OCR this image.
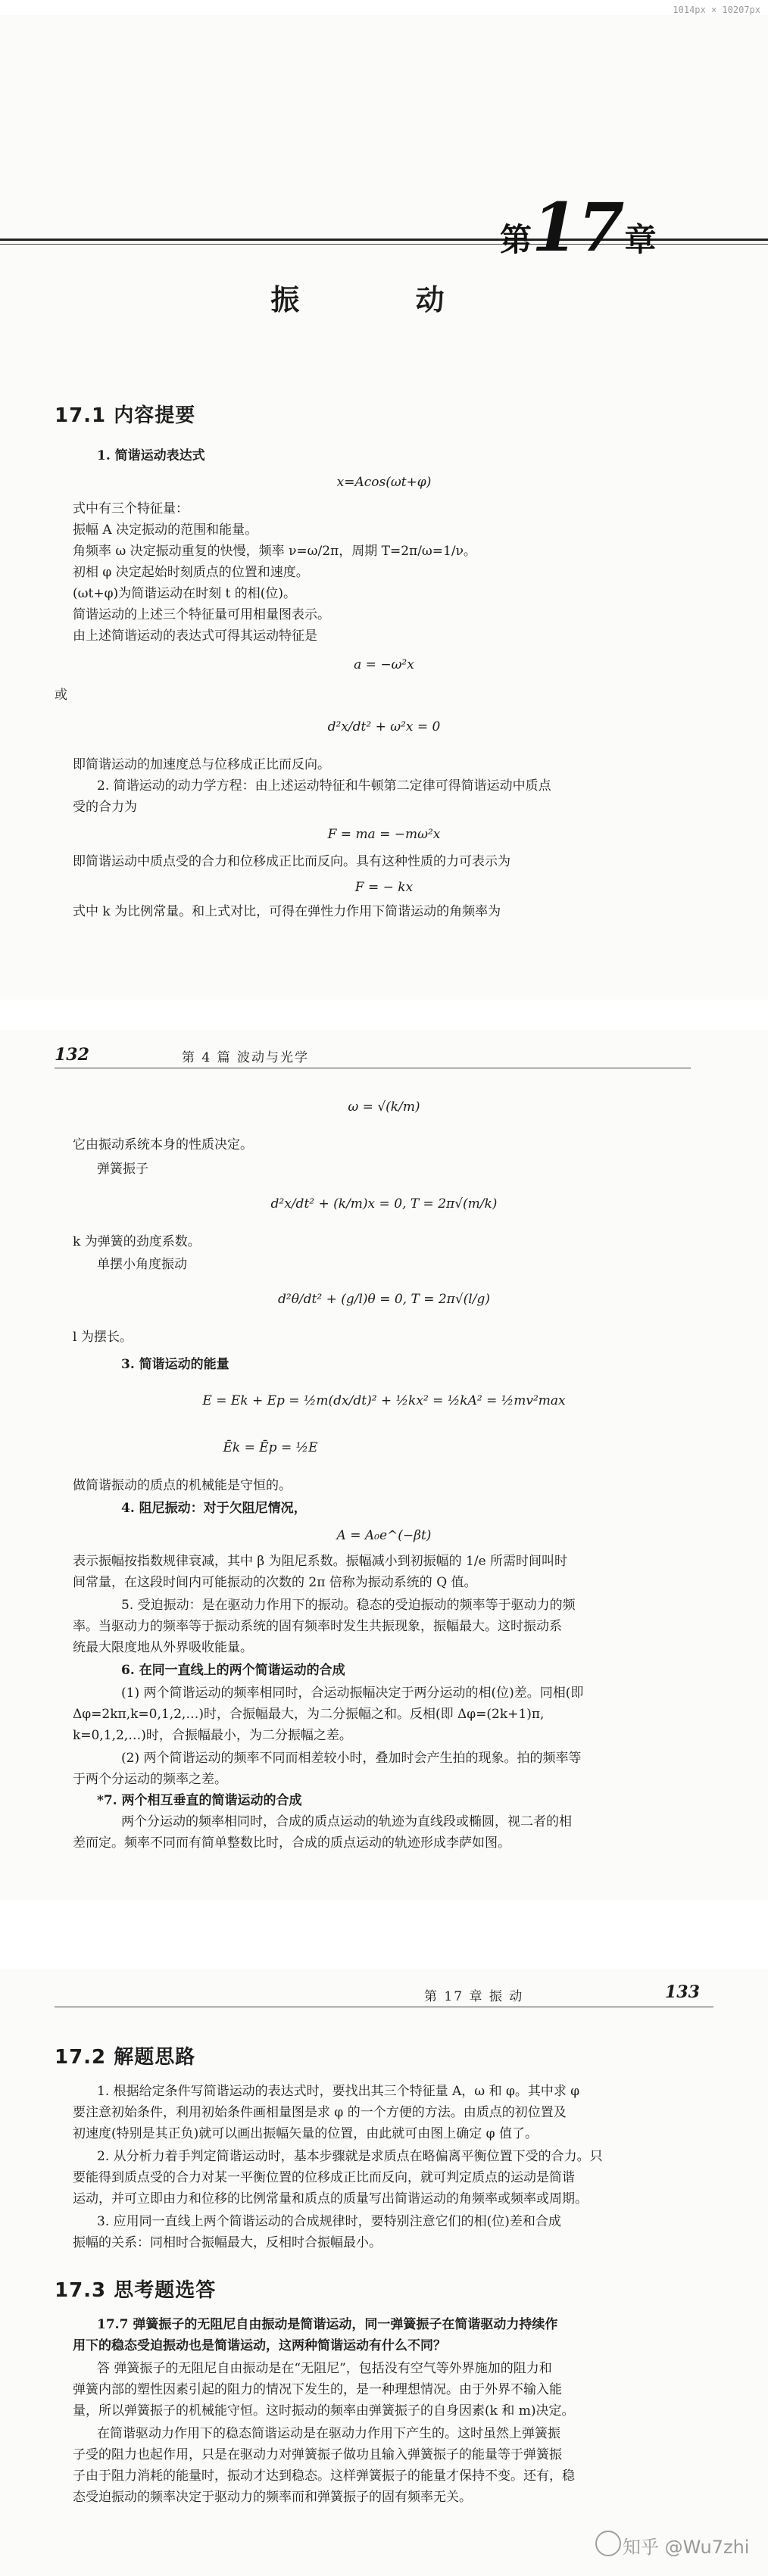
1014px × 10207px
第17章
振 动
17.1 内容提要
1. 简谐运动表达式
x=Acos(ωt+φ)
式中有三个特征量：
振幅 A 决定振动的范围和能量。
角频率 ω 决定振动重复的快慢，频率 ν=ω/2π，周期 T=2π/ω=1/ν。
初相 φ 决定起始时刻质点的位置和速度。
(ωt+φ)为简谐运动在时刻 t 的相(位)。
简谐运动的上述三个特征量可用相量图表示。
由上述简谐运动的表达式可得其运动特征是
a = −ω²x
或
d²x/dt² + ω²x = 0
即简谐运动的加速度总与位移成正比而反向。
2. 简谐运动的动力学方程：由上述运动特征和牛顿第二定律可得简谐运动中质点
受的合力为
F = ma = −mω²x
即简谐运动中质点受的合力和位移成正比而反向。具有这种性质的力可表示为
F = − kx
式中 k 为比例常量。和上式对比，可得在弹性力作用下简谐运动的角频率为
132	第 4 篇 波动与光学
ω = √(k/m)
它由振动系统本身的性质决定。
弹簧振子
d²x/dt² + (k/m)x = 0, T = 2π√(m/k)
k 为弹簧的劲度系数。
单摆小角度振动
d²θ/dt² + (g/l)θ = 0, T = 2π√(l/g)
l 为摆长。
3. 简谐运动的能量
E = Ek + Ep = ½m(dx/dt)² + ½kx² = ½kA² = ½mv²max
Ēk = Ēp = ½E
做简谐振动的质点的机械能是守恒的。
4. 阻尼振动：对于欠阻尼情况，
A = A₀e^(−βt)
表示振幅按指数规律衰减，其中 β 为阻尼系数。振幅减小到初振幅的 1/e 所需时间叫时
间常量，在这段时间内可能振动的次数的 2π 倍称为振动系统的 Q 值。
5. 受迫振动：是在驱动力作用下的振动。稳态的受迫振动的频率等于驱动力的频
率。当驱动力的频率等于振动系统的固有频率时发生共振现象，振幅最大。这时振动系
统最大限度地从外界吸收能量。
6. 在同一直线上的两个简谐运动的合成
(1) 两个简谐运动的频率相同时，合运动振幅决定于两分运动的相(位)差。同相(即
Δφ=2kπ,k=0,1,2,…)时，合振幅最大，为二分振幅之和。反相(即 Δφ=(2k+1)π,
k=0,1,2,…)时，合振幅最小，为二分振幅之差。
(2) 两个简谐运动的频率不同而相差较小时，叠加时会产生拍的现象。拍的频率等
于两个分运动的频率之差。
*7. 两个相互垂直的简谐运动的合成
两个分运动的频率相同时，合成的质点运动的轨迹为直线段或椭圆，视二者的相
差而定。频率不同而有简单整数比时，合成的质点运动的轨迹形成李萨如图。
第 17 章 振 动	133
17.2 解题思路
1. 根据给定条件写简谐运动的表达式时，要找出其三个特征量 A，ω 和 φ。其中求 φ
要注意初始条件，利用初始条件画相量图是求 φ 的一个方便的方法。由质点的初位置及
初速度(特别是其正负)就可以画出振幅矢量的位置，由此就可由图上确定 φ 值了。
2. 从分析力着手判定简谐运动时，基本步骤就是求质点在略偏离平衡位置下受的合力。只
要能得到质点受的合力对某一平衡位置的位移成正比而反向，就可判定质点的运动是简谐
运动，并可立即由力和位移的比例常量和质点的质量写出简谐运动的角频率或频率或周期。
3. 应用同一直线上两个简谐运动的合成规律时，要特别注意它们的相(位)差和合成
振幅的关系：同相时合振幅最大，反相时合振幅最小。
17.3 思考题选答
17.7 弹簧振子的无阻尼自由振动是简谐运动，同一弹簧振子在简谐驱动力持续作
用下的稳态受迫振动也是简谐运动，这两种简谐运动有什么不同？
答 弹簧振子的无阻尼自由振动是在“无阻尼”，包括没有空气等外界施加的阻力和
弹簧内部的塑性因素引起的阻力的情况下发生的，是一种理想情况。由于外界不输入能
量，所以弹簧振子的机械能守恒。这时振动的频率由弹簧振子的自身因素(k 和 m)决定。
在简谐驱动力作用下的稳态简谐运动是在驱动力作用下产生的。这时虽然上弹簧振
子受的阻力也起作用，只是在驱动力对弹簧振子做功且输入弹簧振子的能量等于弹簧振
子由于阻力消耗的能量时，振动才达到稳态。这样弹簧振子的能量才保持不变。还有，稳
态受迫振动的频率决定于驱动力的频率而和弹簧振子的固有频率无关。
知乎 @Wu7zhi
